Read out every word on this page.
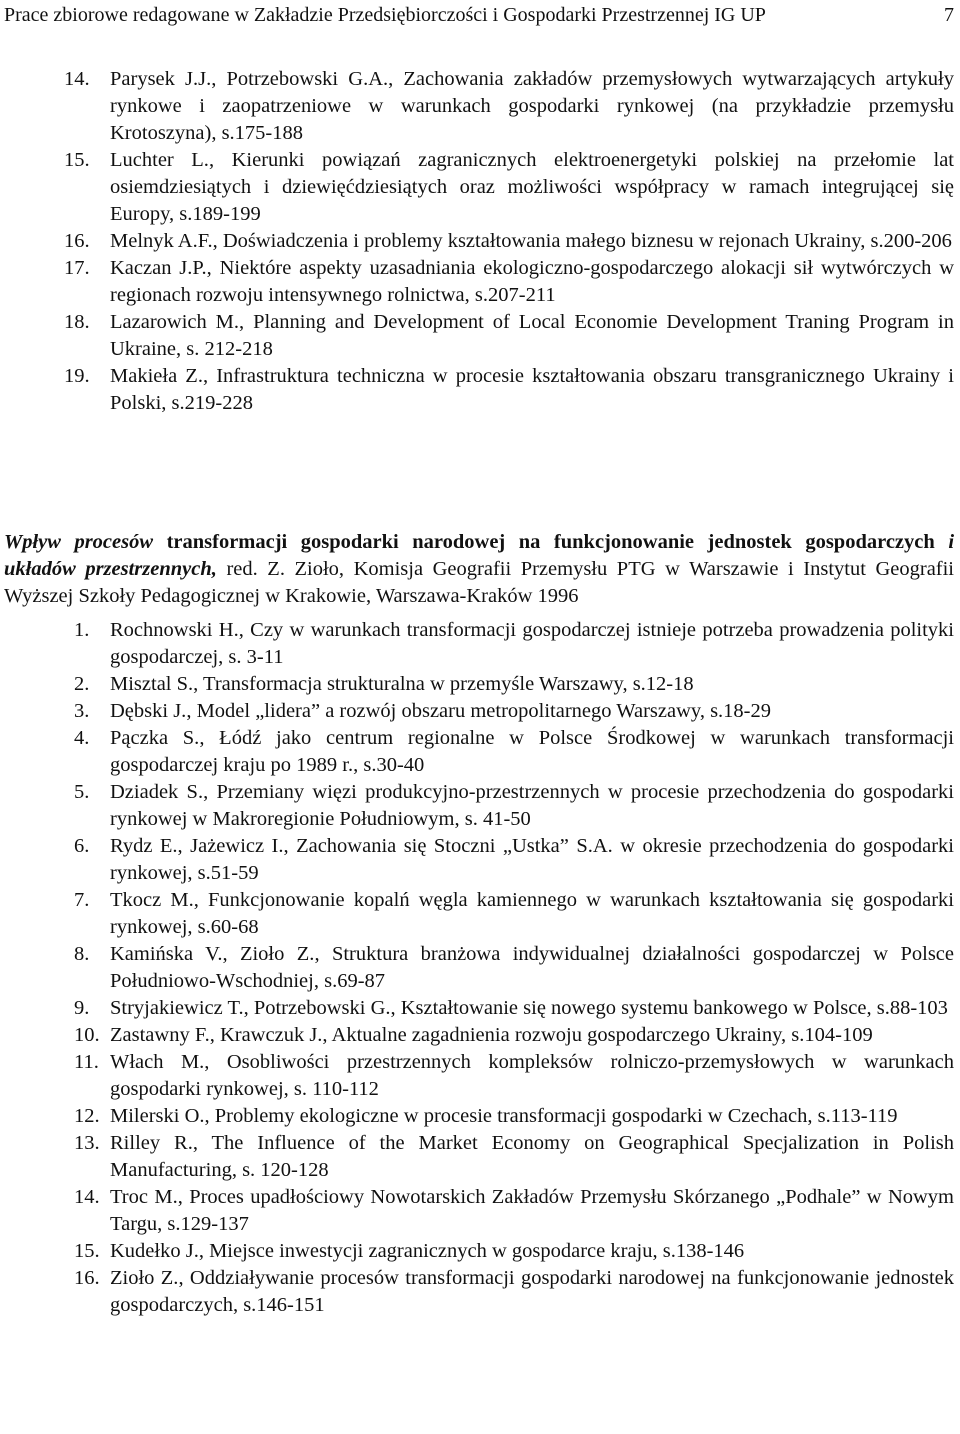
Prace zbiorowe redagowane w Zakładzie Przedsiębiorczości i Gospodarki Przestrzennej IG UP	7
14. Parysek J.J., Potrzebowski G.A., Zachowania zakładów przemysłowych wytwarzających artykuły rynkowe i zaopatrzeniowe w warunkach gospodarki rynkowej (na przykładzie przemysłu Krotoszyna), s.175-188
15. Luchter L., Kierunki powiązań zagranicznych elektroenergetyki polskiej na przełomie lat osiemdziesiątych i dziewięćdziesiątych oraz możliwości współpracy w ramach integrującej się Europy, s.189-199
16. Melnyk A.F., Doświadczenia i problemy kształtowania małego biznesu w rejonach Ukrainy, s.200-206
17. Kaczan J.P., Niektóre aspekty uzasadniania ekologiczno-gospodarczego alokacji sił wytwórczych w regionach rozwoju intensywnego rolnictwa, s.207-211
18. Lazarowich M., Planning and Development of Local Economie Development Traning Program in Ukraine, s. 212-218
19. Makieła Z., Infrastruktura techniczna w procesie kształtowania obszaru transgranicznego Ukrainy i Polski, s.219-228

Wpływ procesów transformacji gospodarki narodowej na funkcjonowanie jednostek gospodarczych i układów przestrzennych, red. Z. Zioło, Komisja Geografii Przemysłu PTG w Warszawie i Instytut Geografii Wyższej Szkoły Pedagogicznej w Krakowie, Warszawa-Kraków 1996

1. Rochnowski H., Czy w warunkach transformacji gospodarczej istnieje potrzeba prowadzenia polityki gospodarczej, s. 3-11
2. Misztal S., Transformacja strukturalna w przemyśle Warszawy, s.12-18
3. Dębski J., Model „lidera” a rozwój obszaru metropolitarnego Warszawy, s.18-29
4. Pączka S., Łódź jako centrum regionalne w Polsce Środkowej w warunkach transformacji gospodarczej kraju po 1989 r., s.30-40
5. Dziadek S., Przemiany więzi produkcyjno-przestrzennych w procesie przechodzenia do gospodarki rynkowej w Makroregionie Południowym, s. 41-50
6. Rydz E., Jażewicz I., Zachowania się Stoczni „Ustka” S.A. w okresie przechodzenia do gospodarki rynkowej, s.51-59
7. Tkocz M., Funkcjonowanie kopalń węgla kamiennego w warunkach kształtowania się gospodarki rynkowej, s.60-68
8. Kamińska V., Zioło Z., Struktura branżowa indywidualnej działalności gospodarczej w Polsce Południowo-Wschodniej, s.69-87
9. Stryjakiewicz T., Potrzebowski G., Kształtowanie się nowego systemu bankowego w Polsce, s.88-103
10. Zastawny F., Krawczuk J., Aktualne zagadnienia rozwoju gospodarczego Ukrainy, s.104-109
11. Włach M., Osobliwości przestrzennych kompleksów rolniczo-przemysłowych w warunkach gospodarki rynkowej, s. 110-112
12. Milerski O., Problemy ekologiczne w procesie transformacji gospodarki w Czechach, s.113-119
13. Rilley R., The Influence of the Market Economy on Geographical Specjalization in Polish Manufacturing, s. 120-128
14. Troc M., Proces upadłościowy Nowotarskich Zakładów Przemysłu Skórzanego „Podhale” w Nowym Targu, s.129-137
15. Kudełko J., Miejsce inwestycji zagranicznych w gospodarce kraju, s.138-146
16. Zioło Z., Oddziaływanie procesów transformacji gospodarki narodowej na funkcjonowanie jednostek gospodarczych, s.146-151
